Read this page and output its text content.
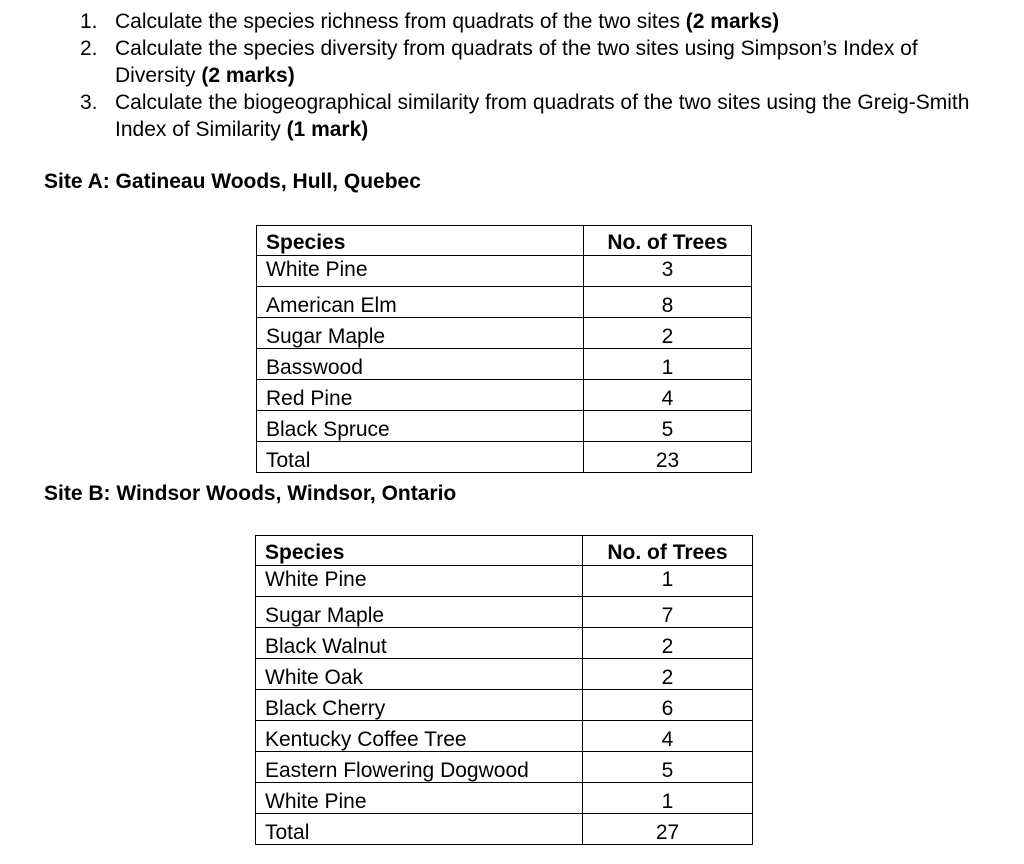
1. Calculate the species richness from quadrats of the two sites (2 marks)
2. Calculate the species diversity from quadrats of the two sites using Simpson’s Index of Diversity (2 marks)
3. Calculate the biogeographical similarity from quadrats of the two sites using the Greig-Smith Index of Similarity (1 mark)
Site A: Gatineau Woods, Hull, Quebec
Species	No. of Trees
White Pine	3
American Elm	8
Sugar Maple	2
Basswood	1
Red Pine	4
Black Spruce	5
Total	23
Site B: Windsor Woods, Windsor, Ontario
Species	No. of Trees
White Pine	1
Sugar Maple	7
Black Walnut	2
White Oak	2
Black Cherry	6
Kentucky Coffee Tree	4
Eastern Flowering Dogwood	5
White Pine	1
Total	27
